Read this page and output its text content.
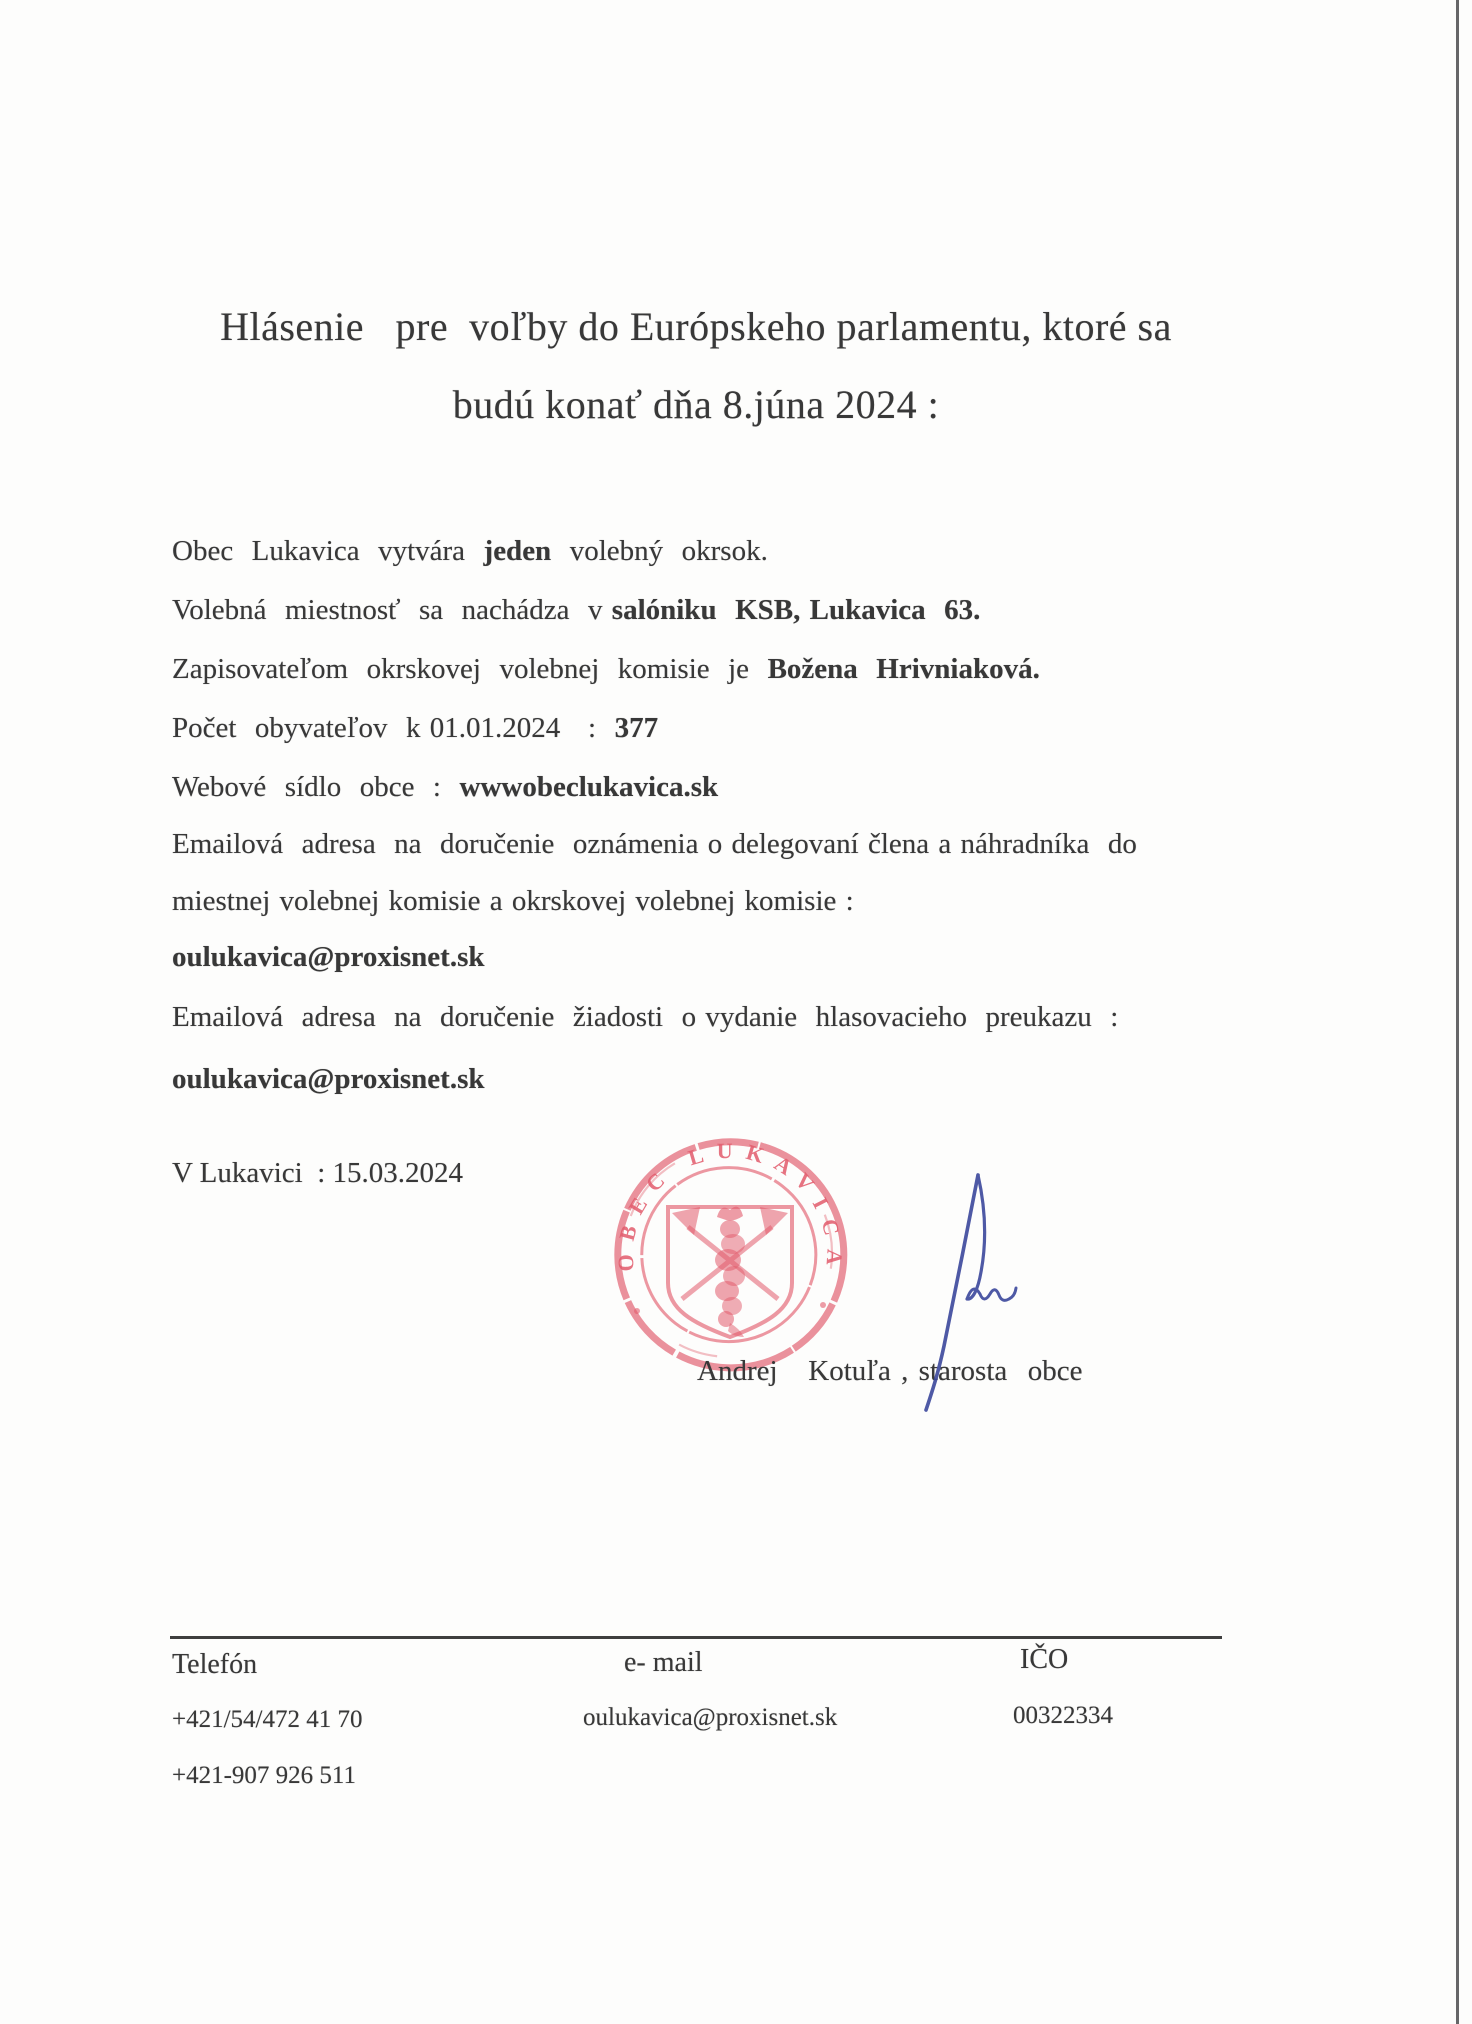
Hlásenie   pre  voľby do Európskeho parlamentu, ktoré sa
budú konať dňa 8.júna 2024 :
Obec  Lukavica  vytvára  jeden  volebný  okrsok.
Volebná  miestnosť  sa  nachádza  v salóniku  KSB, Lukavica  63.
Zapisovateľom  okrskovej  volebnej  komisie  je  Božena  Hrivniaková.
Počet  obyvateľov  k 01.01.2024   :  377
Webové  sídlo  obce  :  wwwobeclukavica.sk
Emailová  adresa  na  doručenie  oznámenia o delegovaní člena a náhradníka  do
miestnej volebnej komisie a okrskovej volebnej komisie :
oulukavica@proxisnet.sk
Emailová  adresa  na  doručenie  žiadosti  o vydanie  hlasovacieho  preukazu  :
oulukavica@proxisnet.sk
V Lukavici  : 15.03.2024
OBEC LUKAVICA
Andrej   Kotuľa , starosta  obce
Telefón	e- mail	IČO
+421/54/472 41 70	oulukavica@proxisnet.sk	00322334
+421-907 926 511
